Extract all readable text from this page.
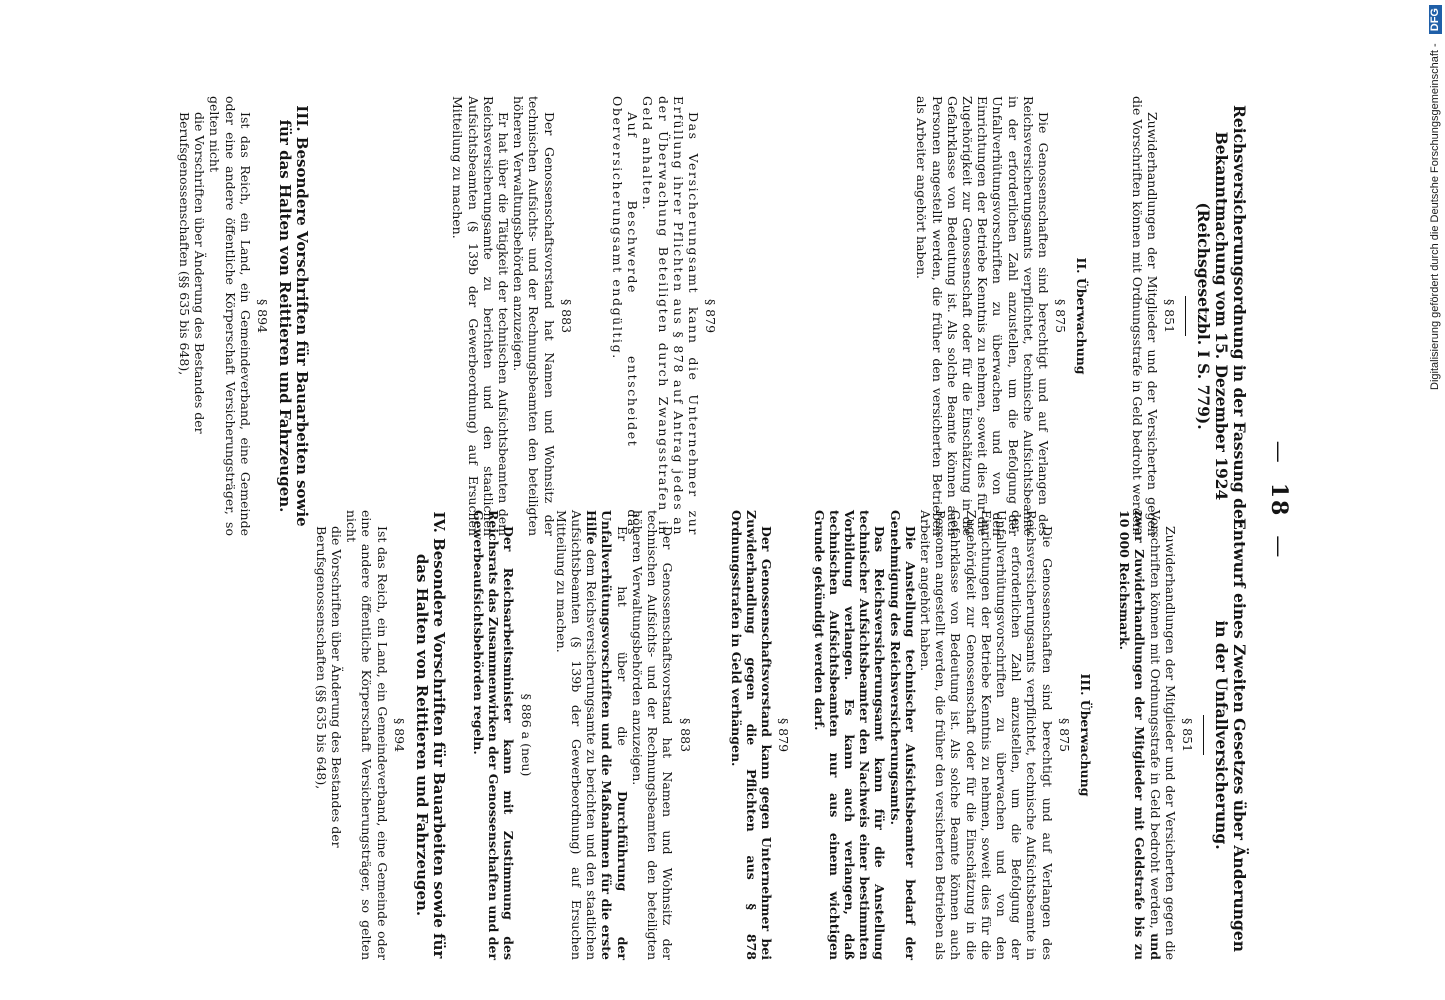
—18—
Reichsversicherungsordnung in der Fassung der Bekanntmachung vom 15. Dezember 1924 (Reichsgesetzbl. I S. 779).
§ 851

Zuwiderhandlungen der Mitglieder und der Versicherten gegen die Vorschriften können mit Ordnungsstrafe in Geld bedroht werden.

II. Überwachung
§ 875

Die Genossenschaften sind berechtigt und auf Verlangen des Reichsversicherungsamts verpflichtet, technische Aufsichtsbeamte in der erforderlichen Zahl anzustellen, um die Befolgung der Unfallverhütungsvorschriften zu überwachen und von den Einrichtungen der Betriebe Kenntnis zu nehmen, soweit dies für die Zugehörigkeit zur Genossenschaft oder für die Einschätzung in die Gefahrklasse von Bedeutung ist. Als solche Beamte können auch Personen angestellt werden, die früher den versicherten Betrieben als Arbeiter angehört haben.

§ 879

Das Versicherungsamt kann die Unternehmer zur Erfüllung ihrer Pflichten aus § 878 auf Antrag jedes an der Überwachung Beteiligten durch Zwangsstrafen in Geld anhalten.

Auf Beschwerde entscheidet das Oberversicherungsamt endgültig.

§ 883

Der Genossenschaftsvorstand hat Namen und Wohnsitz der technischen Aufsichts- und der Rechnungsbeamten den beteiligten höheren Verwaltungsbehörden anzuzeigen.

Er hat über die Tätigkeit der technischen Aufsichtsbeamten dem Reichsversicherungsamte zu berichten und den staatlichen Aufsichtsbeamten (§ 139b der Gewerbeordnung) auf Ersuchen Mitteilung zu machen.

III. Besondere Vorschriften für Bauarbeiten sowie für das Halten von Reittieren und Fahrzeugen.
§ 894

Ist das Reich, ein Land, ein Gemeindeverband, eine Gemeinde oder eine andere öffentliche Körperschaft Versicherungsträger, so gelten nicht

die Vorschriften über Änderung des Bestandes der Berufsgenossenschaften (§§ 635 bis 648),

Entwurf eines Zweiten Gesetzes über Änderungen in der Unfallversicherung.
§ 851

Zuwiderhandlungen der Mitglieder und der Versicherten gegen die Vorschriften können mit Ordnungsstrafe in Geld bedroht werden, und zwar Zuwiderhandlungen der Mitglieder mit Geldstrafe bis zu 10 000 Reichsmark.

III. Überwachung
§ 875

Die Genossenschaften sind berechtigt und auf Verlangen des Reichsversicherungsamts verpflichtet, technische Aufsichtsbeamte in der erforderlichen Zahl anzustellen, um die Befolgung der Unfallverhütungsvorschriften zu überwachen und von den Einrichtungen der Betriebe Kenntnis zu nehmen, soweit dies für die Zugehörigkeit zur Genossenschaft oder für die Einschätzung in die Gefahrklasse von Bedeutung ist. Als solche Beamte können auch Personen angestellt werden, die früher den versicherten Betrieben als Arbeiter angehört haben.

Die Anstellung technischer Aufsichtsbeamter bedarf der Genehmigung des Reichsversicherungsamts.

Das Reichsversicherungsamt kann für die Anstellung technischer Aufsichtsbeamter den Nachweis einer bestimmten Vorbildung verlangen. Es kann auch verlangen, daß technischen Aufsichtsbeamten nur aus einem wichtigen Grunde gekündigt werden darf.

§ 879

Der Genossenschaftsvorstand kann gegen Unternehmer bei Zuwiderhandlung gegen die Pflichten aus § 878 Ordnungsstrafen in Geld verhängen.

§ 883

Der Genossenschaftsvorstand hat Namen und Wohnsitz der technischen Aufsichts- und der Rechnungsbeamten den beteiligten höheren Verwaltungsbehörden anzuzeigen.

Er hat über die Durchführung der Unfallverhütungsvorschriften und die Maßnahmen für die erste Hilfe dem Reichsversicherungsamte zu berichten und den staatlichen Aufsichtsbeamten (§ 139b der Gewerbeordnung) auf Ersuchen Mitteilung zu machen.

§ 886 a (neu)

Der Reichsarbeitsminister kann mit Zustimmung des Reichsrats das Zusammenwirken der Genossenschaften und der Gewerbeaufsichtsbehörden regeln.

IV. Besondere Vorschriften für Bauarbeiten sowie für das Halten von Reittieren und Fahrzeugen.
§ 894

Ist das Reich, ein Land, ein Gemeindeverband, eine Gemeinde oder eine andere öffentliche Körperschaft Versicherungsträger, so gelten nicht

die Vorschriften über Änderung des Bestandes der Berufsgenossenschaften (§§ 635 bis 648),

Digitalisierung gefördert durch die Deutsche Forschungsgemeinschaft - DFG
